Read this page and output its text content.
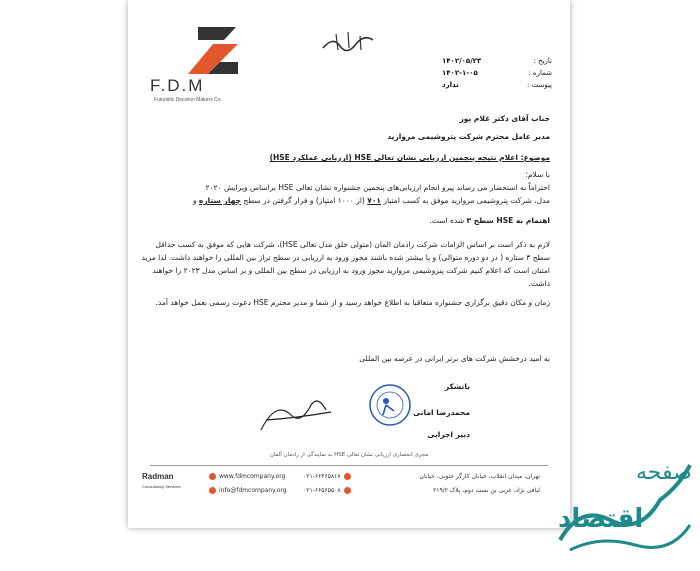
F.D.M
Futuristic Decision Makers Co.
تاریخ :
۱۴۰۲/۰۵/۲۳
شماره :
۱۴۰۲-۱-۰۵
پیوست :
ندارد
جناب آقای دکتر غلام پور
مدیر عامل محترم شرکت پتروشیمی مروارید
موضوع: اعلام نتیجه پنجمین ارزیابی نشان تعالی HSE (ارزیابی عملکرد HSE)
با سلام؛
احتراماً به استحضار می رساند پیرو انجام ارزیابی‌های پنجمین جشنواره نشان تعالی HSE براساس ویرایش ۲۰۲۰
مدل، شرکت پتروشیمی مروارید موفق به کسب امتیاز ۷۰۱ (از ۱۰۰۰ امتیاز) و قرار گرفتن در سطح چهار ستاره و
اهتمام به HSE سطح ۳ شده است.
لازم به ذکر است بر اساس الزامات شرکت رادمان المان (متولی خلق مدل تعالی HSE)، شرکت هایی که موفق به کسب حداقل سطح ۳ ستاره ( در دو دوره متوالی) و یا بیشتر شده باشند مجوز ورود به ارزیابی در سطح تراز بین المللی را خواهند داشت. لذا مزید امتنان است که اعلام کنیم شرکت پتروشیمی مروارید مجوز ورود به ارزیابی در سطح بین المللی و بر اساس مدل ۲۰۲۳ را خواهند داشت.
زمان و مکان دقیق برگزاری جشنواره متعاقبا به اطلاع خواهد رسید و از شما و مدیر محترم HSE دعوت رسمی بعمل خواهد آمد.
به امید درخشش شرکت های برتر ایرانی در عرصه بین المللی
باتشکر
محمدرضا امانی
دبیر اجرایی
مجری انحصاری ارزیابی نشان تعالی HSE به نمایندگی از رادمان آلمان
تهران، میدان انقلاب، خیابان کارگر جنوبی، خیابان
لبافی نژاد، غربی بن بست دوم، پلاک ۲۱۹/۲
۰۲۱-۶۶۴۶۵۸۱۷
۰۲۱-۶۶۵۶۵۵۰۸
www.fdmcompany.org
info@fdmcompany.org
Radman
Consultancy Services
صفحه
اقتصاد
